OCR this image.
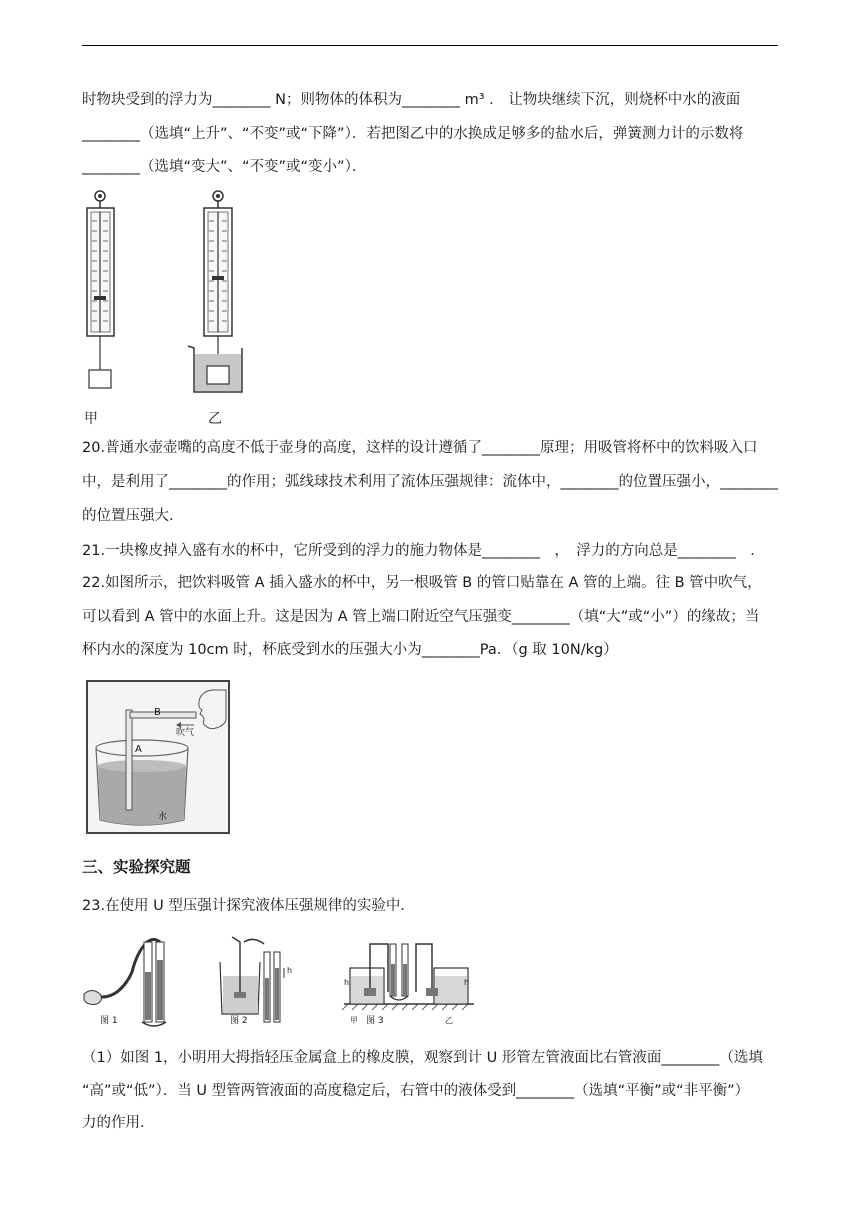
时物块受到的浮力为________ N；则物体的体积为________ m³ ． 让物块继续下沉，则烧杯中水的液面
________（选填“上升”、“不变”或“下降”）．若把图乙中的水换成足够多的盐水后，弹簧测力计的示数将
________（选填“变大”、“不变”或“变小”）．
甲	乙
20.普通水壶壶嘴的高度不低于壶身的高度，这样的设计遵循了________原理；用吸管将杯中的饮料吸入口
中，是利用了________的作用；弧线球技术利用了流体压强规律：流体中，________的位置压强小，________
的位置压强大．
21.一块橡皮掉入盛有水的杯中，它所受到的浮力的施力物体是________　，　浮力的方向总是________　．
22.如图所示，把饮料吸管 A 插入盛水的杯中，另一根吸管 B 的管口贴靠在 A 管的上端。往 B 管中吹气，
可以看到 A 管中的水面上升。这是因为 A 管上端口附近空气压强变________（填“大”或“小”）的缘故；当
杯内水的深度为 10cm 时，杯底受到水的压强大小为________Pa．（g 取 10N/kg）
B
A
吹气
水
三、实验探究题
23.在使用 U 型压强计探究液体压强规律的实验中．
图 1	图 2	图 3
h
h	h
甲	乙
（1）如图 1，小明用大拇指轻压金属盒上的橡皮膜，观察到计 U 形管左管液面比右管液面________（选填
“高”或“低”）．当 U 型管两管液面的高度稳定后，右管中的液体受到________（选填“平衡”或“非平衡”）
力的作用．
